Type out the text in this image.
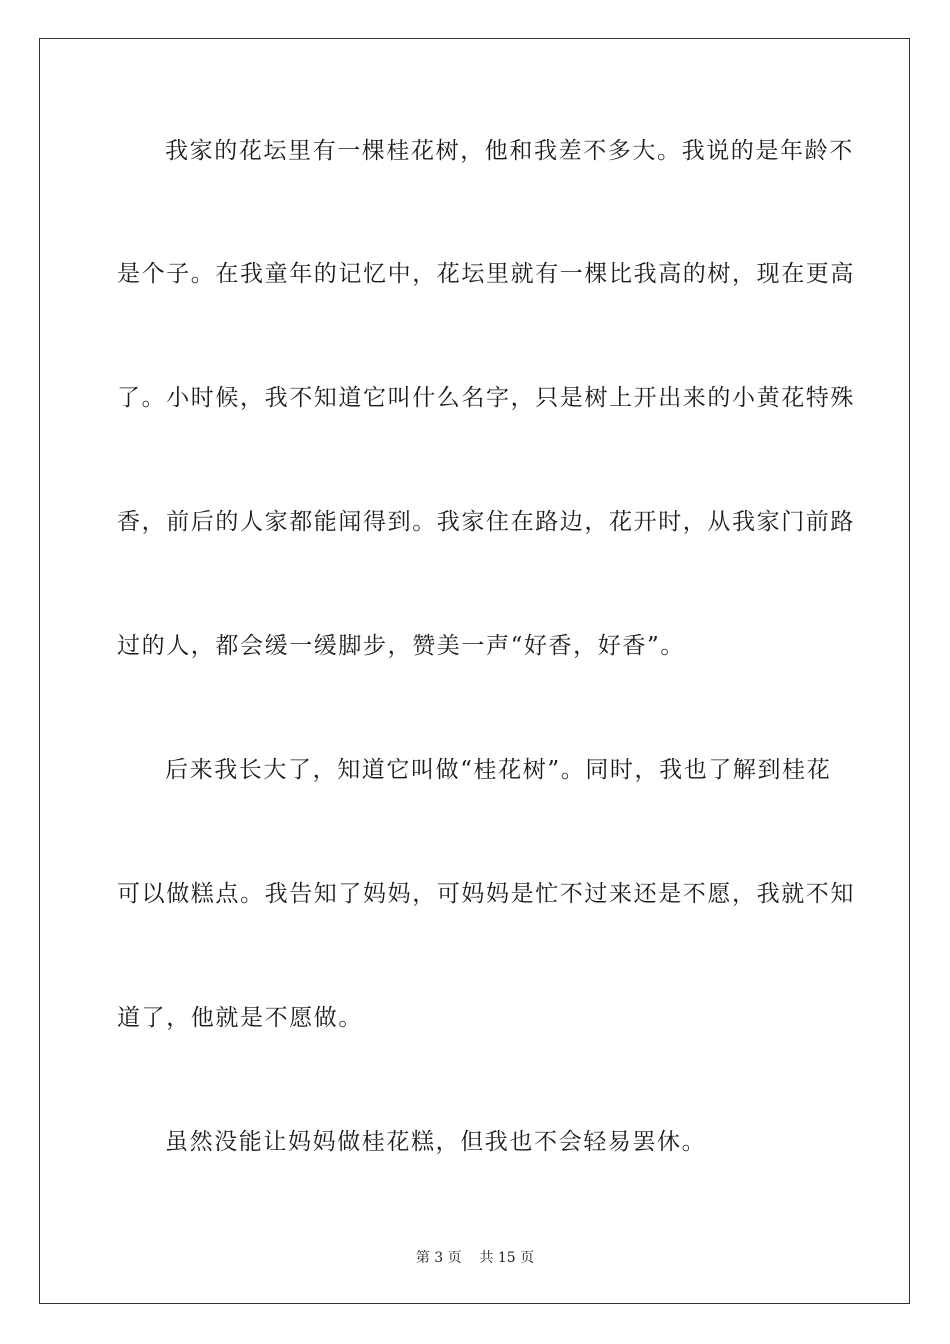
我家的花坛里有一棵桂花树，他和我差不多大。我说的是年龄不
是个子。在我童年的记忆中，花坛里就有一棵比我高的树，现在更高
了。小时候，我不知道它叫什么名字，只是树上开出来的小黄花特殊
香，前后的人家都能闻得到。我家住在路边，花开时，从我家门前路
过的人，都会缓一缓脚步，赞美一声“好香，好香”。
后来我长大了，知道它叫做“桂花树”。同时，我也了解到桂花
可以做糕点。我告知了妈妈，可妈妈是忙不过来还是不愿，我就不知
道了，他就是不愿做。
虽然没能让妈妈做桂花糕，但我也不会轻易罢休。
第 3 页    共 15 页
